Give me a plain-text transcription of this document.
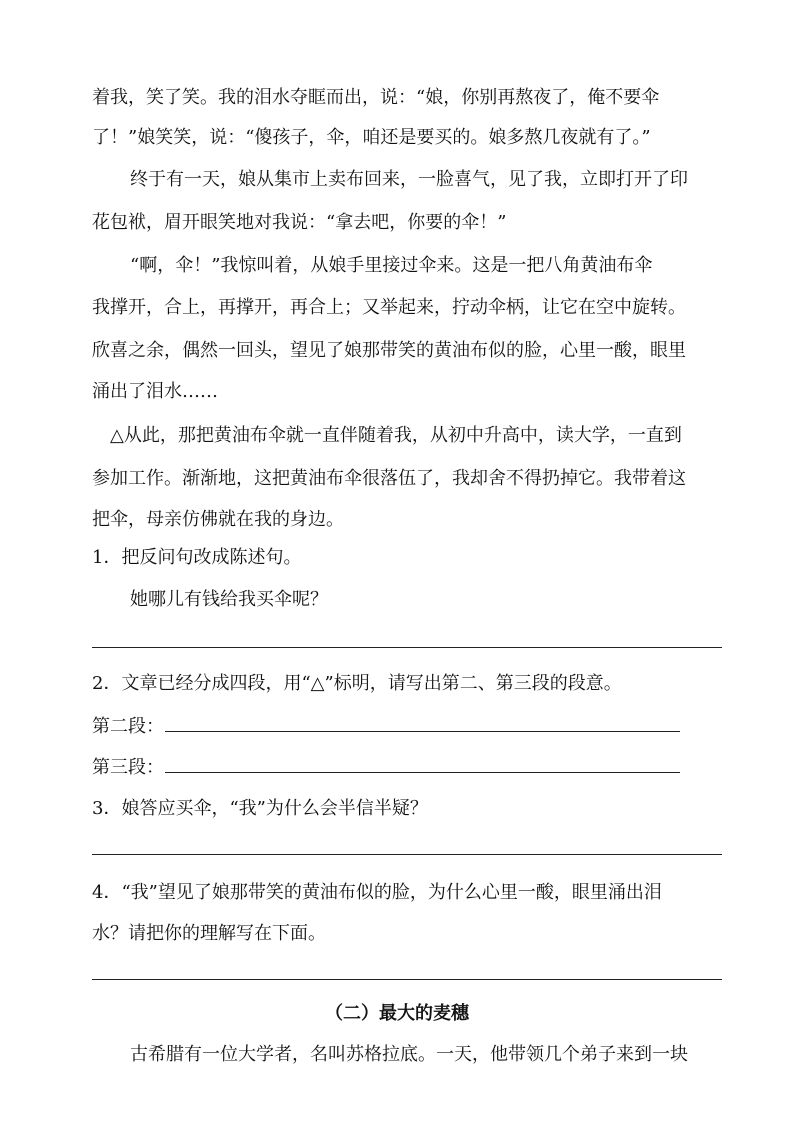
着我，笑了笑。我的泪水夺眶而出，说：“娘，你别再熬夜了，俺不要伞
了！”娘笑笑，说：“傻孩子，伞，咱还是要买的。娘多熬几夜就有了。”
终于有一天，娘从集市上卖布回来，一脸喜气，见了我，立即打开了印
花包袱，眉开眼笑地对我说：“拿去吧，你要的伞！”
“啊，伞！”我惊叫着，从娘手里接过伞来。这是一把八角黄油布伞
我撑开，合上，再撑开，再合上；又举起来，拧动伞柄，让它在空中旋转。
欣喜之余，偶然一回头，望见了娘那带笑的黄油布似的脸，心里一酸，眼里
涌出了泪水……
△从此，那把黄油布伞就一直伴随着我，从初中升高中，读大学，一直到
参加工作。渐渐地，这把黄油布伞很落伍了，我却舍不得扔掉它。我带着这
把伞，母亲仿佛就在我的身边。
1．把反问句改成陈述句。
她哪儿有钱给我买伞呢？
2．文章已经分成四段，用“△”标明，请写出第二、第三段的段意。
第二段：
第三段：
3．娘答应买伞，“我”为什么会半信半疑？
4．“我”望见了娘那带笑的黄油布似的脸，为什么心里一酸，眼里涌出泪
水？请把你的理解写在下面。
（二）最大的麦穗
古希腊有一位大学者，名叫苏格拉底。一天，他带领几个弟子来到一块
